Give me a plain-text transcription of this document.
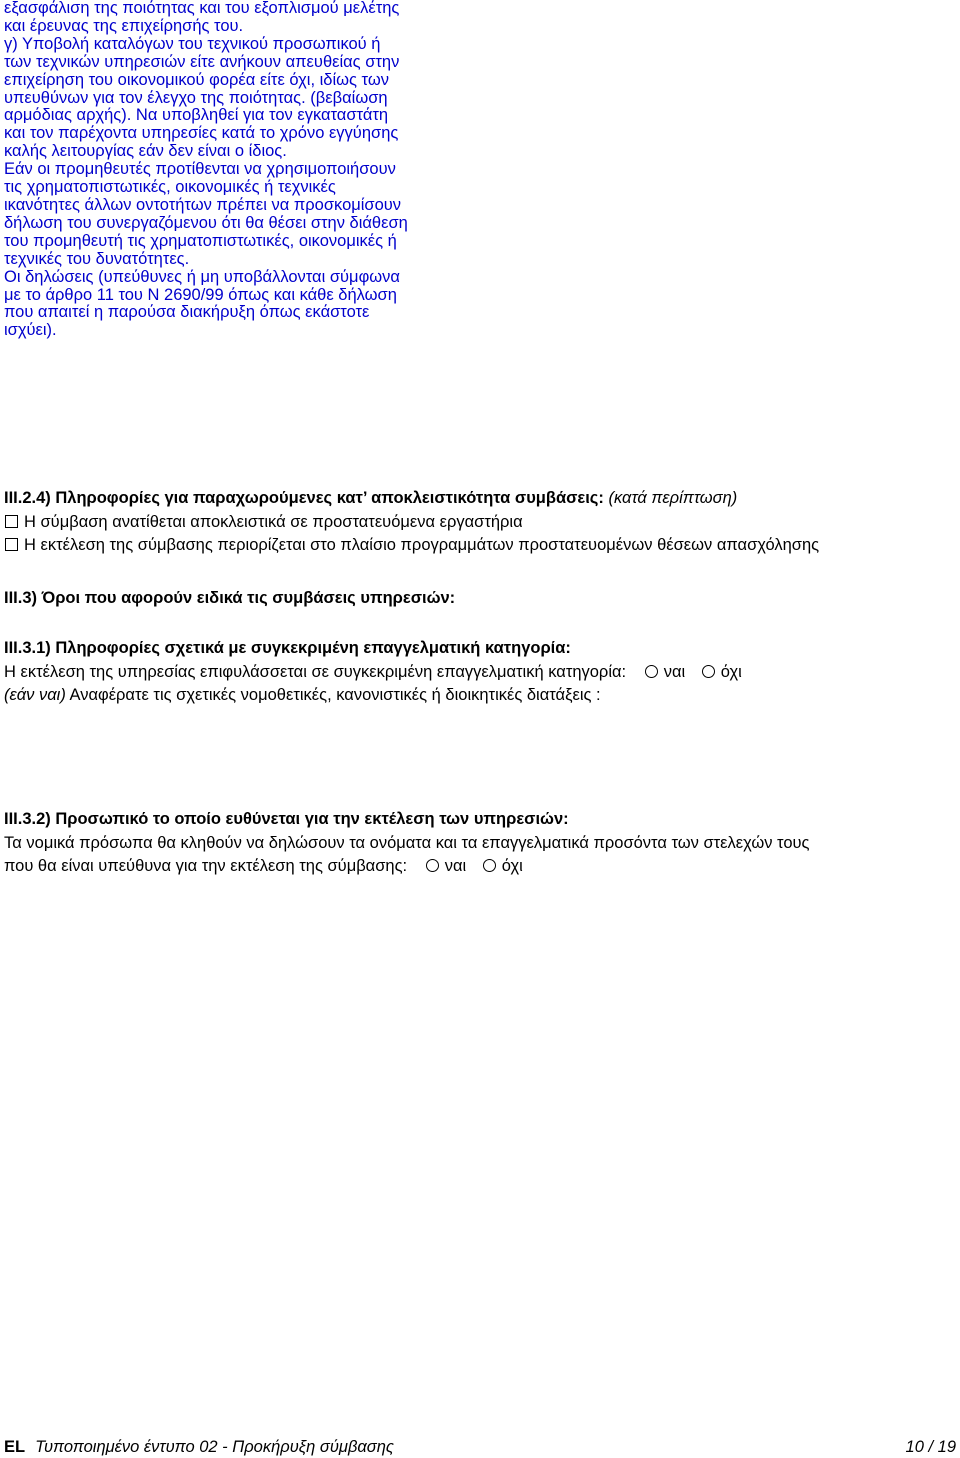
εξασφάλιση της ποιότητας και του εξοπλισμού μελέτης
και έρευνας της επιχείρησής του.
γ) Υποβολή καταλόγων του τεχνικού προσωπικού ή
των τεχνικών υπηρεσιών είτε ανήκουν απευθείας στην
επιχείρηση του οικονομικού φορέα είτε όχι, ιδίως των
υπευθύνων για τον έλεγχο της ποιότητας. (βεβαίωση
αρμόδιας αρχής). Να υποβληθεί για τον εγκαταστάτη
και τον παρέχοντα υπηρεσίες κατά το χρόνο εγγύησης
καλής λειτουργίας εάν δεν είναι ο ίδιος.
Εάν οι προμηθευτές προτίθενται να χρησιμοποιήσουν
τις χρηματοπιστωτικές, οικονομικές ή τεχνικές
ικανότητες άλλων οντοτήτων πρέπει να προσκομίσουν
δήλωση του συνεργαζόμενου ότι θα θέσει στην διάθεση
του προμηθευτή τις χρηματοπιστωτικές, οικονομικές ή
τεχνικές του δυνατότητες.
Οι δηλώσεις (υπεύθυνες ή μη υποβάλλονται σύμφωνα
με το άρθρο 11 του Ν 2690/99 όπως και κάθε δήλωση
που απαιτεί η παρούσα διακήρυξη όπως εκάστοτε
ισχύει).
III.2.4) Πληροφορίες για παραχωρούμενες κατ’ αποκλειστικότητα συμβάσεις: (κατά περίπτωση)
Η σύμβαση ανατίθεται αποκλειστικά σε προστατευόμενα εργαστήρια
Η εκτέλεση της σύμβασης περιορίζεται στο πλαίσιο προγραμμάτων προστατευομένων θέσεων απασχόλησης
III.3) Όροι που αφορούν ειδικά τις συμβάσεις υπηρεσιών:
III.3.1) Πληροφορίες σχετικά με συγκεκριμένη επαγγελματική κατηγορία:
Η εκτέλεση της υπηρεσίας επιφυλάσσεται σε συγκεκριμένη επαγγελματική κατηγορία: ναι όχι
(εάν ναι) Αναφέρατε τις σχετικές νομοθετικές, κανονιστικές ή διοικητικές διατάξεις :
III.3.2) Προσωπικό το οποίο ευθύνεται για την εκτέλεση των υπηρεσιών:
Τα νομικά πρόσωπα θα κληθούν να δηλώσουν τα ονόματα και τα επαγγελματικά προσόντα των στελεχών τους
που θα είναι υπεύθυνα για την εκτέλεση της σύμβασης: ναι όχι
EL Τυποποιημένο έντυπο 02 - Προκήρυξη σύμβασης	10 / 19
